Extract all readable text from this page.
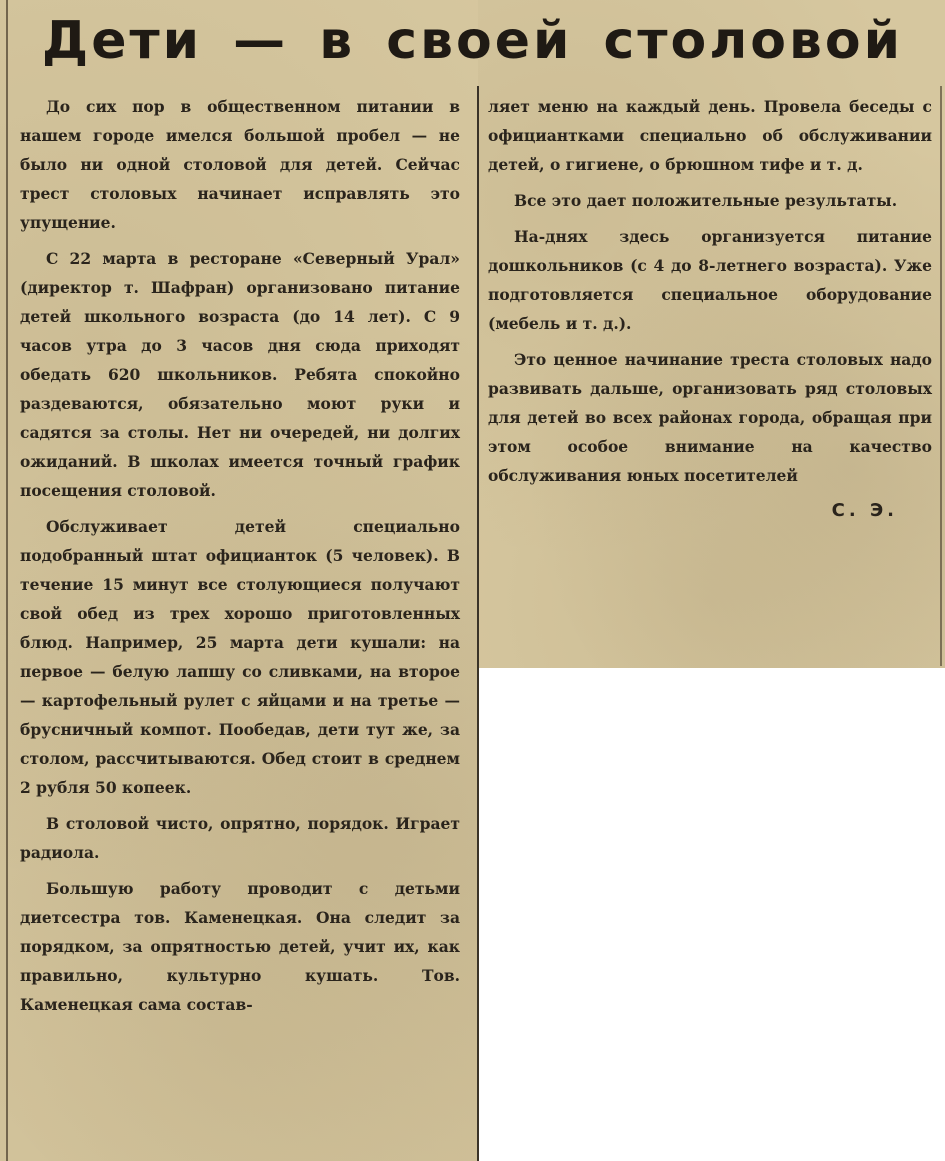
Дети — в своей столовой

До сих пор в общественном питании в нашем городе имелся большой пробел — не было ни одной столовой для детей. Сейчас трест столовых начинает исправлять это упущение.

С 22 марта в ресторане «Северный Урал» (директор т. Шафран) организовано питание детей школьного возраста (до 14 лет). С 9 часов утра до 3 часов дня сюда приходят обедать 620 школьников. Ребята спокойно раздеваются, обязательно моют руки и садятся за столы. Нет ни очередей, ни долгих ожиданий. В школах имеется точный график посещения столовой.

Обслуживает детей специально подобранный штат официанток (5 человек). В течение 15 минут все столующиеся получают свой обед из трех хорошо приготовленных блюд. Например, 25 марта дети кушали: на первое — белую лапшу со сливками, на второе — картофельный рулет с яйцами и на третье — брусничный компот. Пообедав, дети тут же, за столом, рассчитываются. Обед стоит в среднем 2 рубля 50 копеек.

В столовой чисто, опрятно, порядок. Играет радиола.

Большую работу проводит с детьми диетсестра тов. Каменецкая. Она следит за порядком, за опрятностью детей, учит их, как правильно, культурно кушать. Тов. Каменецкая сама состав-

ляет меню на каждый день. Провела беседы с официантками специально об обслуживании детей, о гигиене, о брюшном тифе и т. д.

Все это дает положительные результаты.

На-днях здесь организуется питание дошкольников (с 4 до 8-летнего возраста). Уже подготовляется специальное оборудование (мебель и т. д.).

Это ценное начинание треста столовых надо развивать дальше, организовать ряд столовых для детей во всех районах города, обращая при этом особое внимание на качество обслуживания юных посетителей

С. Э.
